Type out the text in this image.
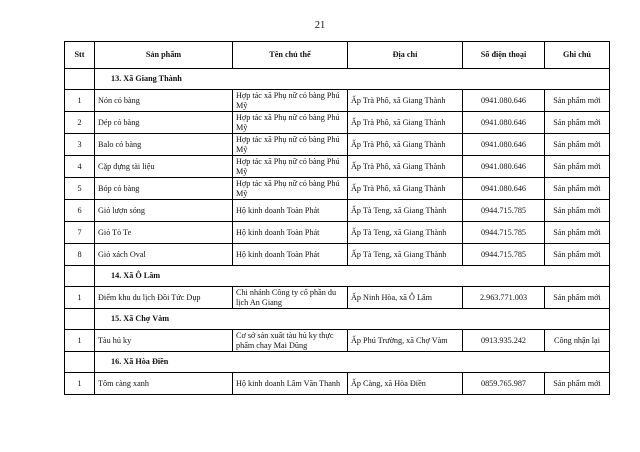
21
Stt	Sản phẩm	Tên chủ thể	Địa chỉ	Số điện thoại	Ghi chú
	13. Xã Giang Thành				
1	Nón cỏ bàng	Hợp tác xã Phụ nữ cỏ bàng Phú Mỹ	Ấp Trà Phô, xã Giang Thành	0941.080.646	Sản phẩm mới
2	Dép cỏ bàng	Hợp tác xã Phụ nữ cỏ bàng Phú Mỹ	Ấp Trà Phô, xã Giang Thành	0941.080.646	Sản phẩm mới
3	Balo cỏ bàng	Hợp tác xã Phụ nữ cỏ bàng Phú Mỹ	Ấp Trà Phô, xã Giang Thành	0941.080.646	Sản phẩm mới
4	Cặp đựng tài liệu	Hợp tác xã Phụ nữ cỏ bàng Phú Mỹ	Ấp Trà Phô, xã Giang Thành	0941.080.646	Sản phẩm mới
5	Bóp cỏ bàng	Hợp tác xã Phụ nữ cỏ bàng Phú Mỹ	Ấp Trà Phô, xã Giang Thành	0941.080.646	Sản phẩm mới
6	Giỏ lượn sóng	Hộ kinh doanh Toàn Phát	Ấp Tà Teng, xã Giang Thành	0944.715.785	Sản phẩm mới
7	Giỏ Tò Te	Hộ kinh doanh Toàn Phát	Ấp Tà Teng, xã Giang Thành	0944.715.785	Sản phẩm mới
8	Giỏ xách Oval	Hộ kinh doanh Toàn Phát	Ấp Tà Teng, xã Giang Thành	0944.715.785	Sản phẩm mới
	14. Xã Ô Lâm				
1	Điểm khu du lịch Đồi Tức Dụp	Chi nhánh Công ty cổ phần du lịch An Giang	Ấp Ninh Hòa, xã Ô Lâm	2.963.771.003	Sản phẩm mới
	15. Xã Chợ Vàm				
1	Tàu hủ ky	Cơ sở sản xuất tàu hủ ky thực phẩm chay Mai Dũng	Ấp Phú Trường, xã Chợ Vàm	0913.935.242	Công nhận lại
	16. Xã Hòa Điền				
1	Tôm càng xanh	Hộ kinh doanh Lâm Văn Thanh	Ấp Càng, xã Hòa Điền	0859.765.987	Sản phẩm mới
